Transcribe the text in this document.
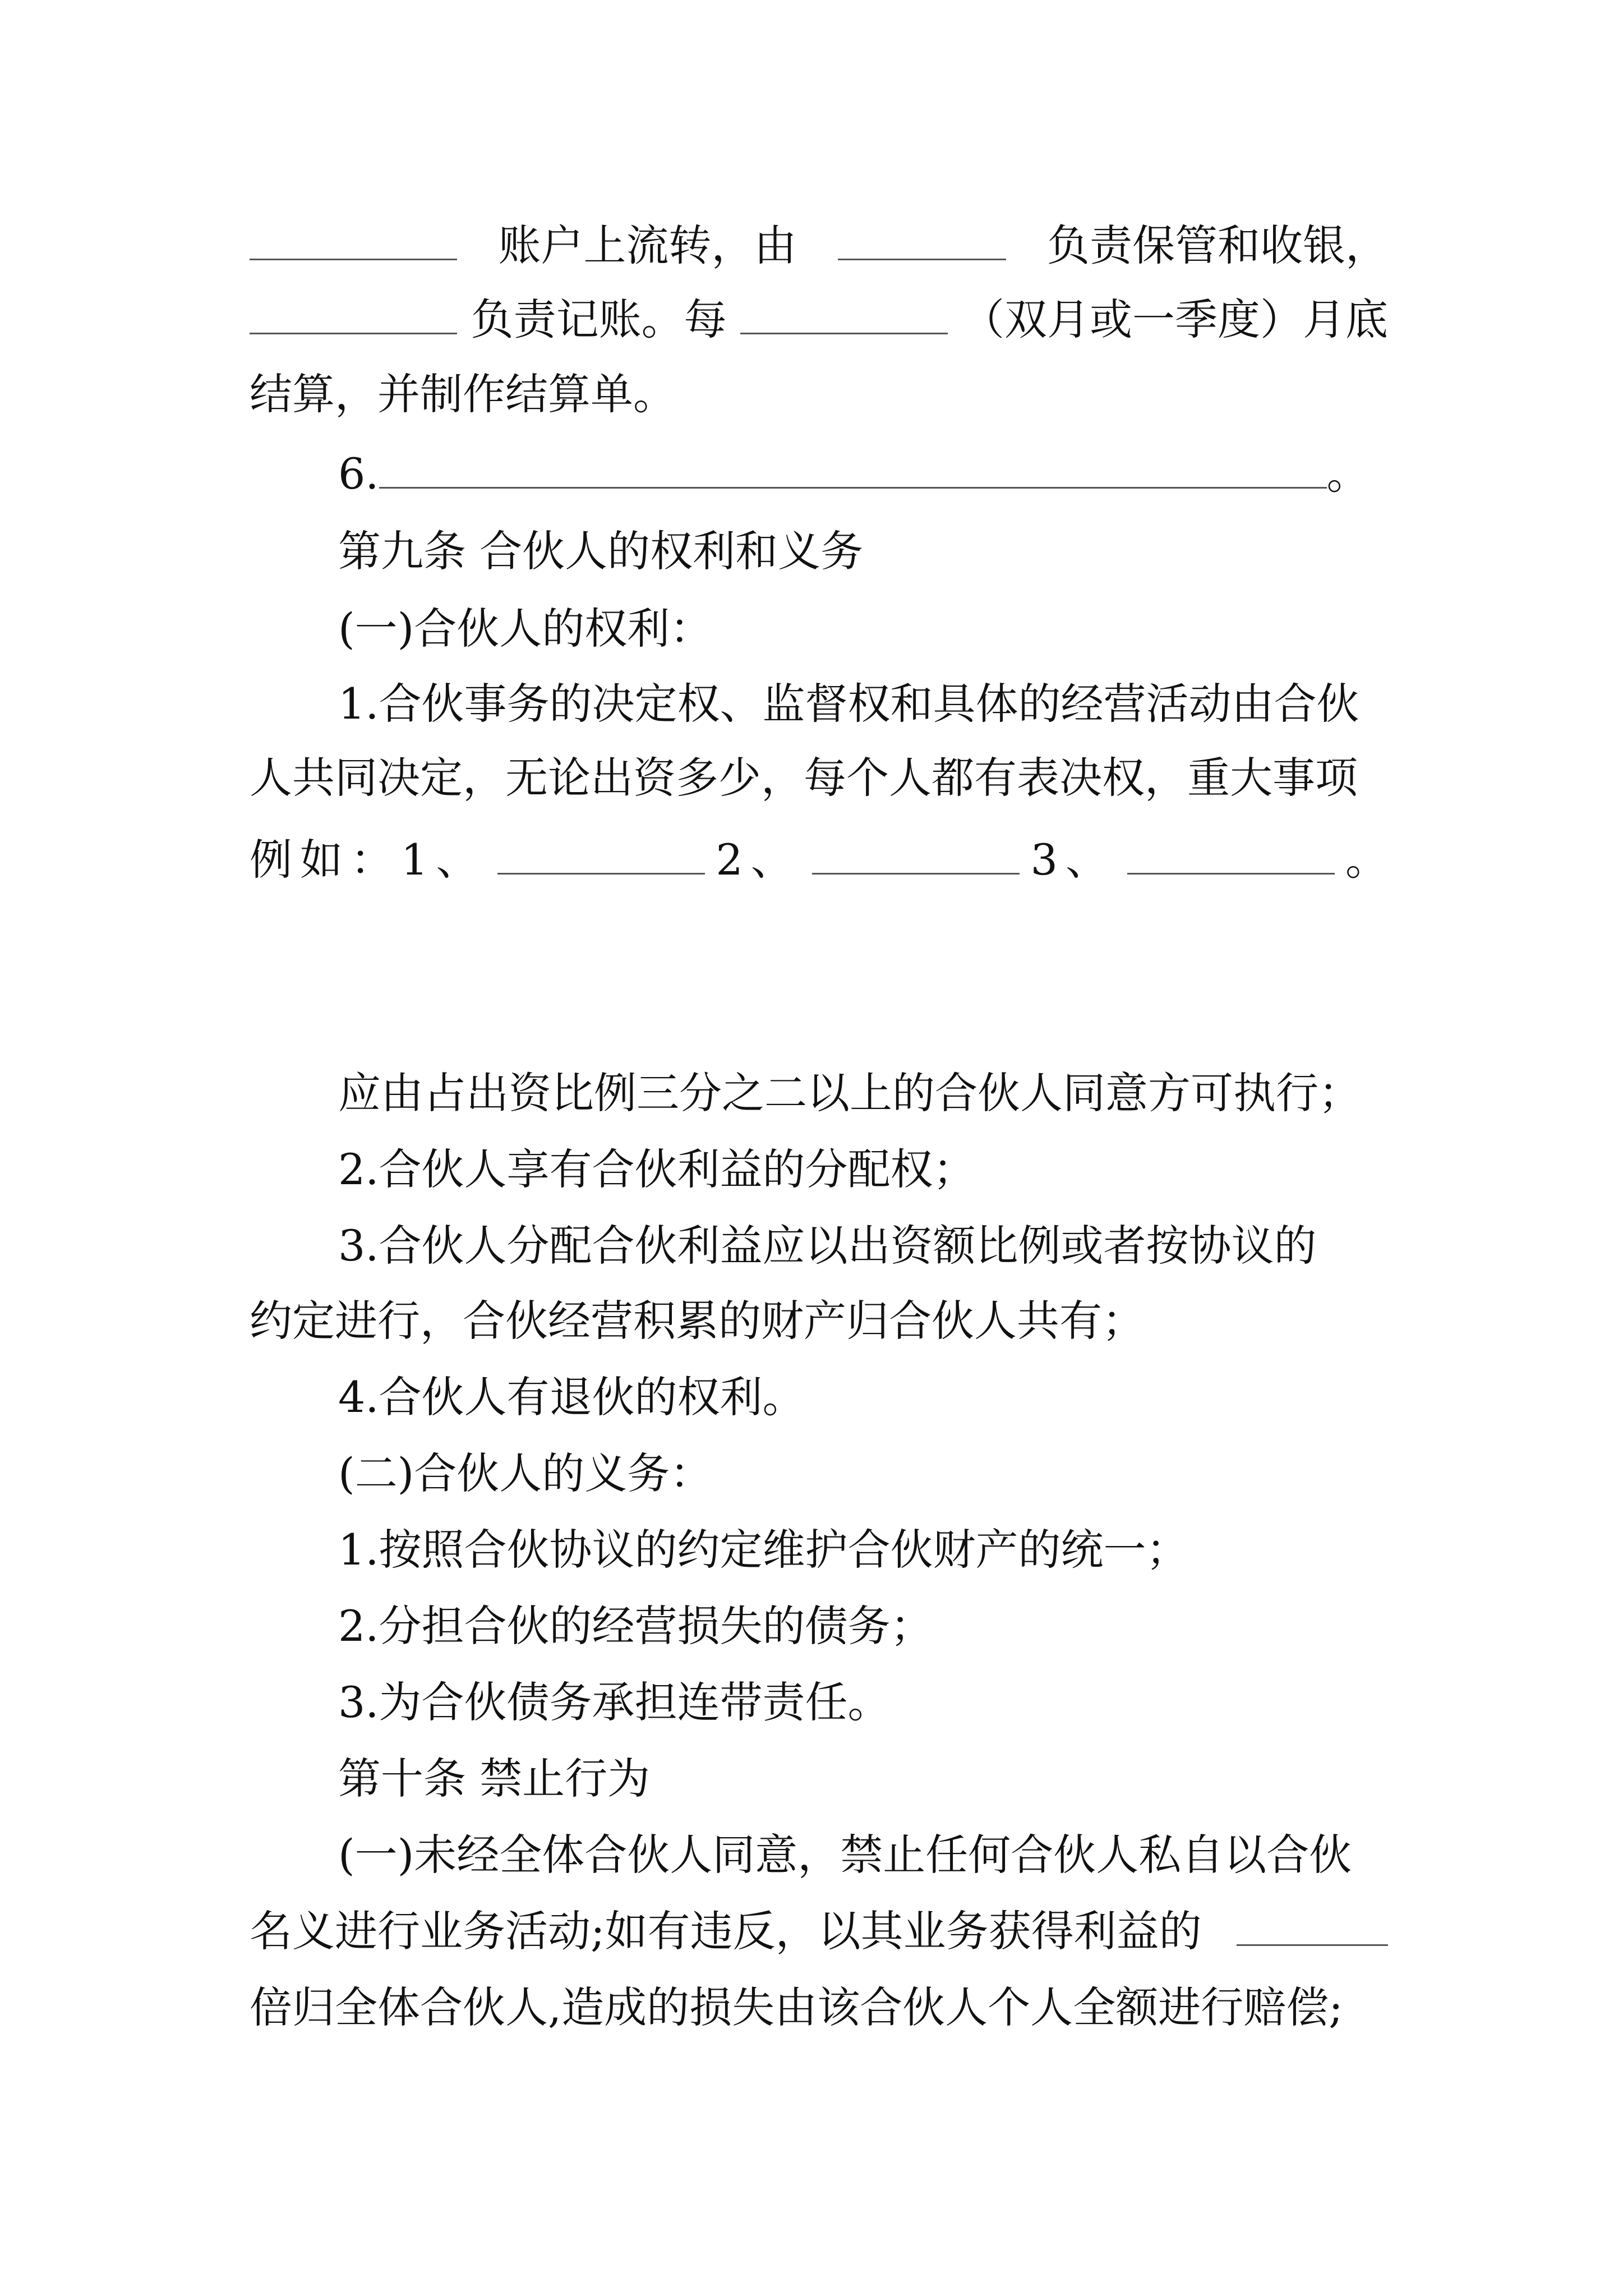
账户上流转，由	负责保管和收银，
负责记账。每	（双月或一季度）月底
结算，并制作结算单。
6.	。
第九条 合伙人的权利和义务
(一)合伙人的权利：
1.合伙事务的决定权、监督权和具体的经营活动由合伙
人共同决定，无论出资多少，每个人都有表决权，重大事项
例如：1、	2、	3、	。
应由占出资比例三分之二以上的合伙人同意方可执行；
2.合伙人享有合伙利益的分配权；
3.合伙人分配合伙利益应以出资额比例或者按协议的
约定进行，合伙经营积累的财产归合伙人共有；
4.合伙人有退伙的权利。
(二)合伙人的义务：
1.按照合伙协议的约定维护合伙财产的统一；
2.分担合伙的经营损失的债务；
3.为合伙债务承担连带责任。
第十条 禁止行为
(一)未经全体合伙人同意，禁止任何合伙人私自以合伙
名义进行业务活动;如有违反，以其业务获得利益的
倍归全体合伙人,造成的损失由该合伙人个人全额进行赔偿;
